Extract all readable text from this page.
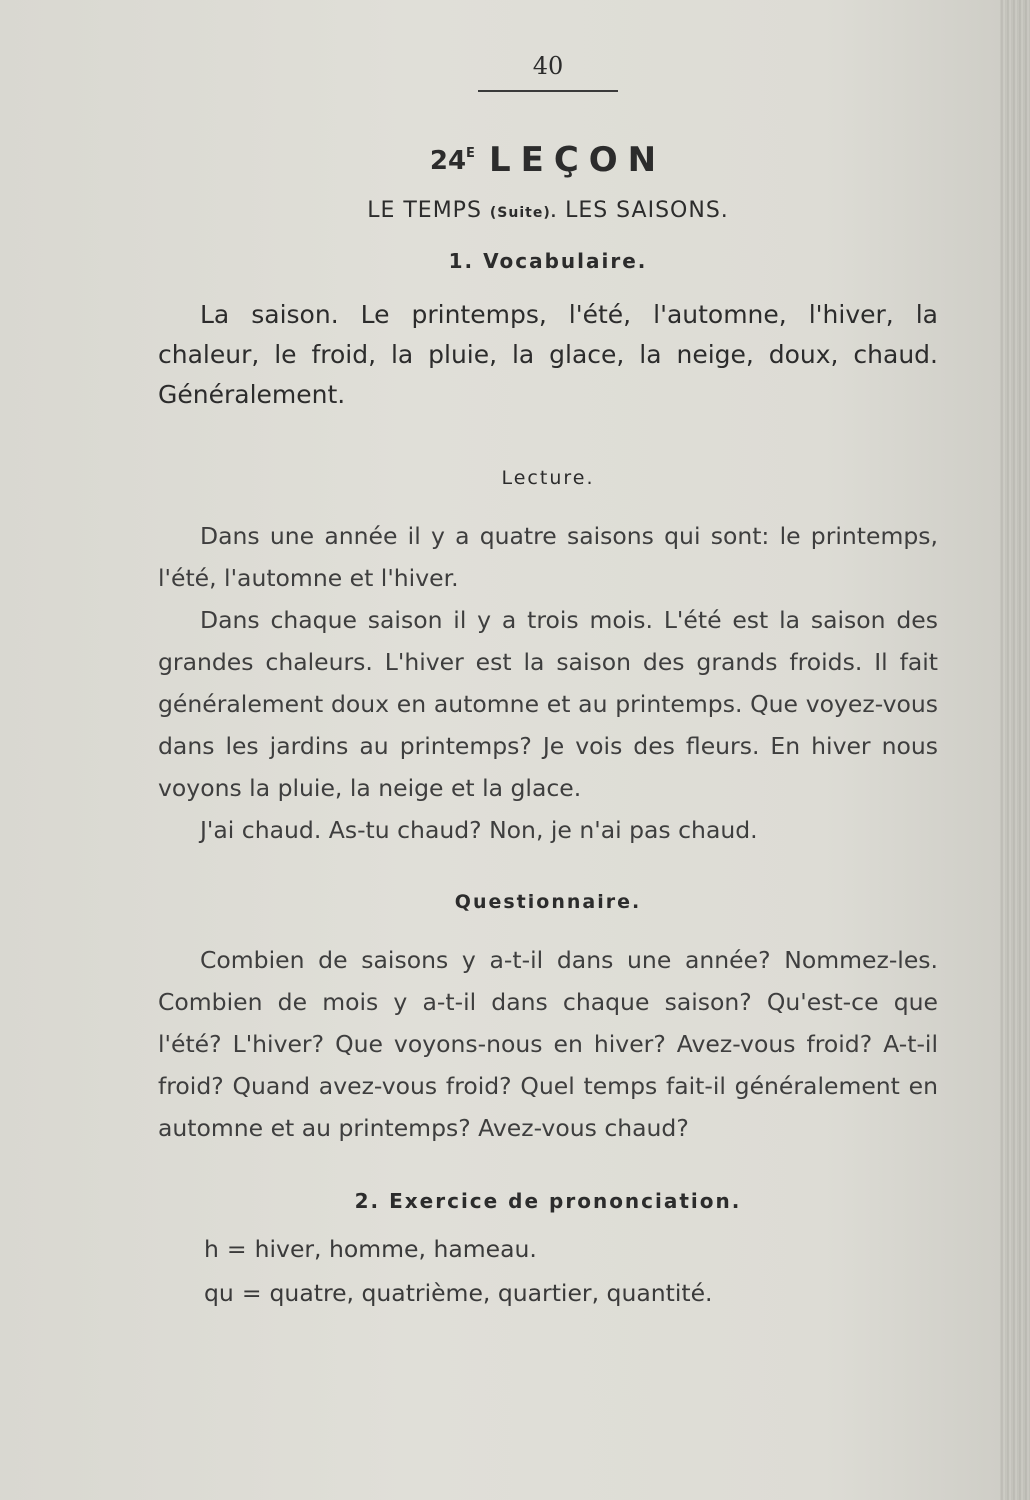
40
$24^E$ LEÇON
LE TEMPS (Suite). LES SAISONS.
1. Vocabulaire.

La saison. Le printemps, l'été, l'automne, l'hiver, la chaleur, le froid, la pluie, la glace, la neige, doux, chaud. Généralement.

Lecture.

Dans une année il y a quatre saisons qui sont: le printemps, l'été, l'automne et l'hiver.

Dans chaque saison il y a trois mois. L'été est la saison des grandes chaleurs. L'hiver est la saison des grands froids. Il fait généralement doux en automne et au printemps. Que voyez-vous dans les jardins au printemps? Je vois des fleurs. En hiver nous voyons la pluie, la neige et la glace.

J'ai chaud. As-tu chaud? Non, je n'ai pas chaud.

Questionnaire.

Combien de saisons y a-t-il dans une année? Nommez-les. Combien de mois y a-t-il dans chaque saison? Qu'est-ce que l'été? L'hiver? Que voyons-nous en hiver? Avez-vous froid? A-t-il froid? Quand avez-vous froid? Quel temps fait-il généralement en automne et au printemps? Avez-vous chaud?

2. Exercice de prononciation.

h = hiver, homme, hameau.

qu = quatre, quatrième, quartier, quantité.
